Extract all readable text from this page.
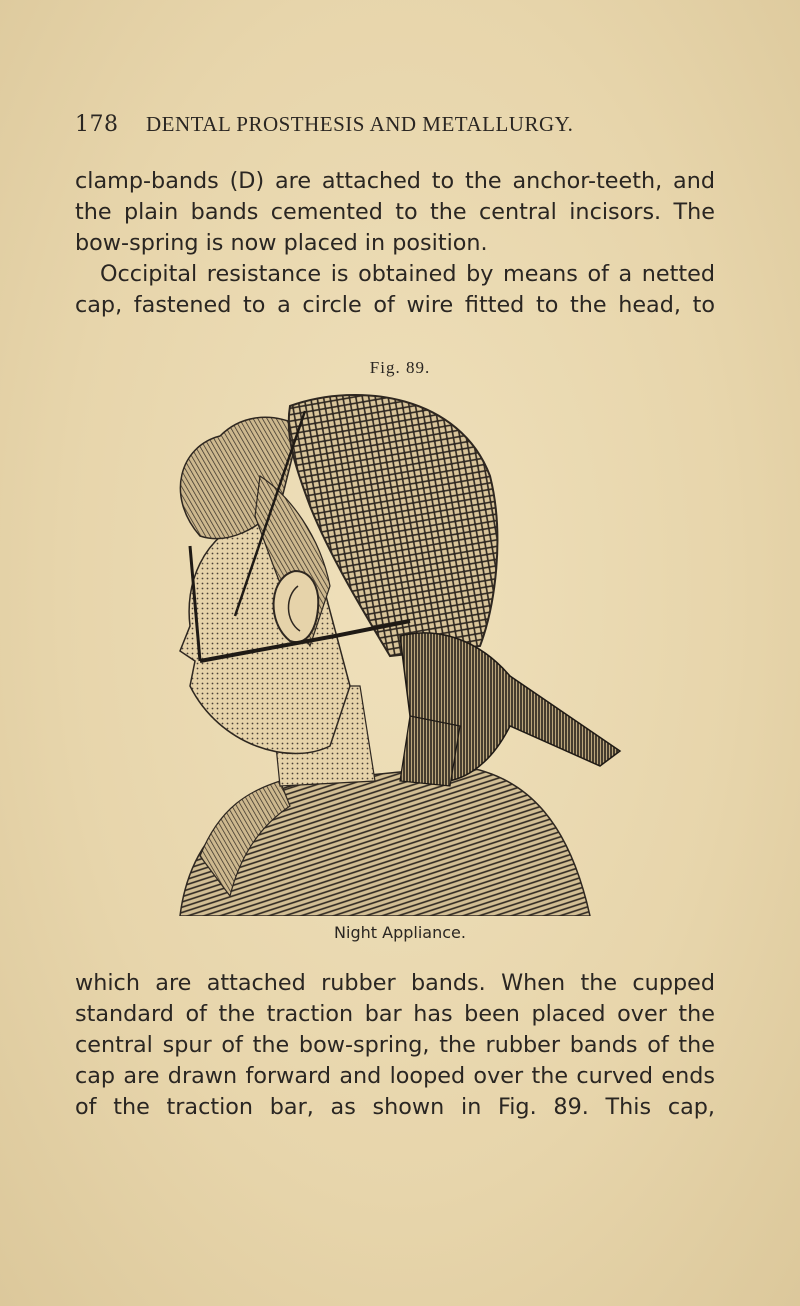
178 DENTAL PROSTHESIS AND METALLURGY.

clamp-bands (D) are attached to the anchor-teeth, and

the plain bands cemented to the central incisors. The

bow-spring is now placed in position.

Occipital resistance is obtained by means of a netted

cap, fastened to a circle of wire fitted to the head, to

Fig. 89.
Night Appliance.

which are attached rubber bands. When the cupped

standard of the traction bar has been placed over the

central spur of the bow-spring, the rubber bands of the

cap are drawn forward and looped over the curved ends

of the traction bar, as shown in Fig. 89. This cap,
